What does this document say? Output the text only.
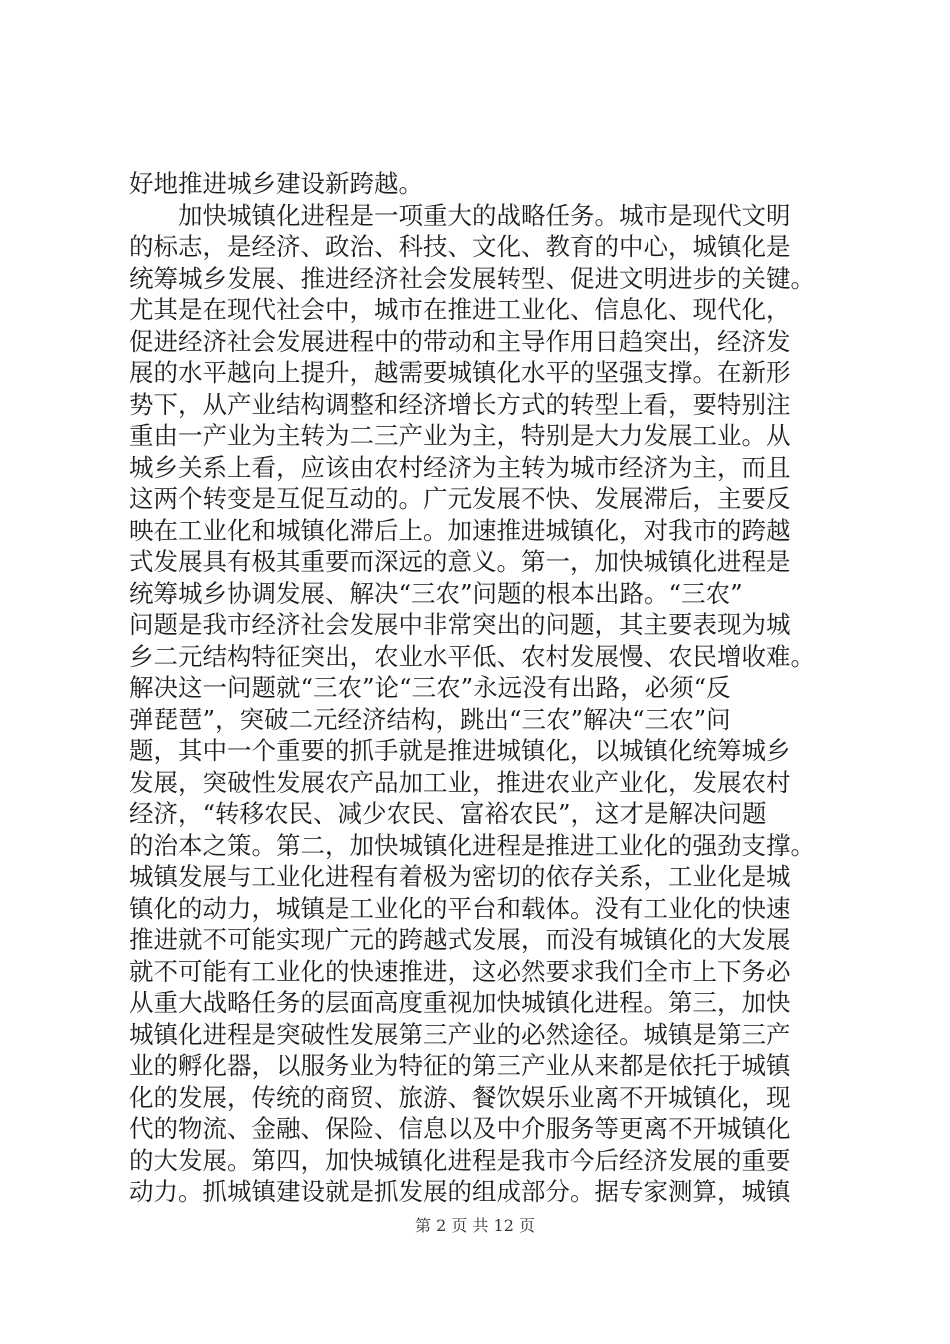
好地推进城乡建设新跨越。
　　加快城镇化进程是一项重大的战略任务。城市是现代文明
的标志，是经济、政治、科技、文化、教育的中心，城镇化是
统筹城乡发展、推进经济社会发展转型、促进文明进步的关键。
尤其是在现代社会中，城市在推进工业化、信息化、现代化，
促进经济社会发展进程中的带动和主导作用日趋突出，经济发
展的水平越向上提升，越需要城镇化水平的坚强支撑。在新形
势下，从产业结构调整和经济增长方式的转型上看，要特别注
重由一产业为主转为二三产业为主，特别是大力发展工业。从
城乡关系上看，应该由农村经济为主转为城市经济为主，而且
这两个转变是互促互动的。广元发展不快、发展滞后，主要反
映在工业化和城镇化滞后上。加速推进城镇化，对我市的跨越
式发展具有极其重要而深远的意义。第一，加快城镇化进程是
统筹城乡协调发展、解决“三农”问题的根本出路。“三农”
问题是我市经济社会发展中非常突出的问题，其主要表现为城
乡二元结构特征突出，农业水平低、农村发展慢、农民增收难。
解决这一问题就“三农”论“三农”永远没有出路，必须“反
弹琵琶”，突破二元经济结构，跳出“三农”解决“三农”问
题，其中一个重要的抓手就是推进城镇化，以城镇化统筹城乡
发展，突破性发展农产品加工业，推进农业产业化，发展农村
经济，“转移农民、减少农民、富裕农民”，这才是解决问题
的治本之策。第二，加快城镇化进程是推进工业化的强劲支撑。
城镇发展与工业化进程有着极为密切的依存关系，工业化是城
镇化的动力，城镇是工业化的平台和载体。没有工业化的快速
推进就不可能实现广元的跨越式发展，而没有城镇化的大发展
就不可能有工业化的快速推进，这必然要求我们全市上下务必
从重大战略任务的层面高度重视加快城镇化进程。第三，加快
城镇化进程是突破性发展第三产业的必然途径。城镇是第三产
业的孵化器，以服务业为特征的第三产业从来都是依托于城镇
化的发展，传统的商贸、旅游、餐饮娱乐业离不开城镇化，现
代的物流、金融、保险、信息以及中介服务等更离不开城镇化
的大发展。第四，加快城镇化进程是我市今后经济发展的重要
动力。抓城镇建设就是抓发展的组成部分。据专家测算，城镇
第 2 页 共 12 页
